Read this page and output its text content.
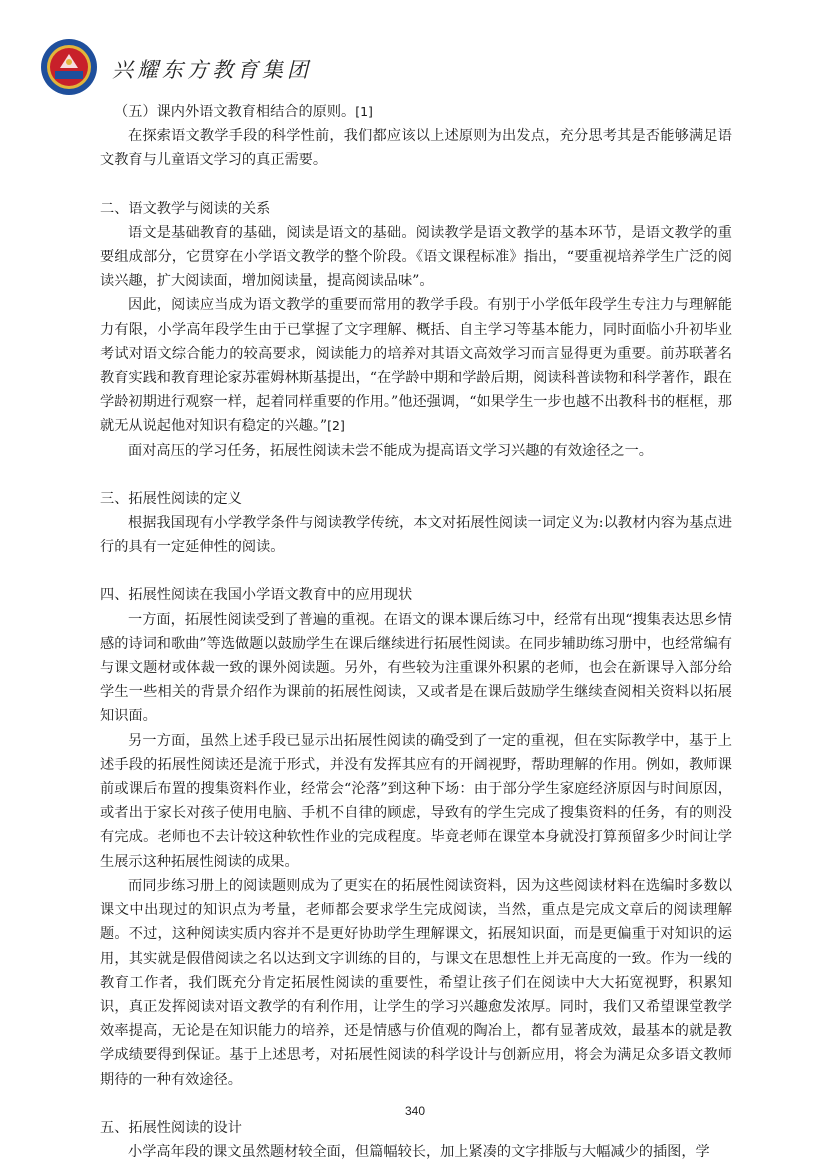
兴耀东方教育集团

（五）课内外语文教育相结合的原则。[1]

在探索语文教学手段的科学性前，我们都应该以上述原则为出发点，充分思考其是否能够满足语文教育与儿童语文学习的真正需要。

二、语文教学与阅读的关系

语文是基础教育的基础，阅读是语文的基础。阅读教学是语文教学的基本环节，是语文教学的重要组成部分，它贯穿在小学语文教学的整个阶段。《语文课程标准》指出，“要重视培养学生广泛的阅读兴趣，扩大阅读面，增加阅读量，提高阅读品味”。

因此，阅读应当成为语文教学的重要而常用的教学手段。有别于小学低年段学生专注力与理解能力有限，小学高年段学生由于已掌握了文字理解、概括、自主学习等基本能力，同时面临小升初毕业考试对语文综合能力的较高要求，阅读能力的培养对其语文高效学习而言显得更为重要。前苏联著名教育实践和教育理论家苏霍姆林斯基提出，“在学龄中期和学龄后期，阅读科普读物和科学著作，跟在学龄初期进行观察一样，起着同样重要的作用。”他还强调，“如果学生一步也越不出教科书的框框，那就无从说起他对知识有稳定的兴趣。”[2]

面对高压的学习任务，拓展性阅读未尝不能成为提高语文学习兴趣的有效途径之一。

三、拓展性阅读的定义

根据我国现有小学教学条件与阅读教学传统，本文对拓展性阅读一词定义为:以教材内容为基点进行的具有一定延伸性的阅读。

四、拓展性阅读在我国小学语文教育中的应用现状

一方面，拓展性阅读受到了普遍的重视。在语文的课本课后练习中，经常有出现“搜集表达思乡情感的诗词和歌曲”等选做题以鼓励学生在课后继续进行拓展性阅读。在同步辅助练习册中，也经常编有与课文题材或体裁一致的课外阅读题。另外，有些较为注重课外积累的老师，也会在新课导入部分给学生一些相关的背景介绍作为课前的拓展性阅读，又或者是在课后鼓励学生继续查阅相关资料以拓展知识面。

另一方面，虽然上述手段已显示出拓展性阅读的确受到了一定的重视，但在实际教学中，基于上述手段的拓展性阅读还是流于形式，并没有发挥其应有的开阔视野，帮助理解的作用。例如，教师课前或课后布置的搜集资料作业，经常会“沦落”到这种下场：由于部分学生家庭经济原因与时间原因，或者出于家长对孩子使用电脑、手机不自律的顾虑，导致有的学生完成了搜集资料的任务，有的则没有完成。老师也不去计较这种软性作业的完成程度。毕竟老师在课堂本身就没打算预留多少时间让学生展示这种拓展性阅读的成果。

而同步练习册上的阅读题则成为了更实在的拓展性阅读资料，因为这些阅读材料在选编时多数以课文中出现过的知识点为考量，老师都会要求学生完成阅读，当然，重点是完成文章后的阅读理解题。不过，这种阅读实质内容并不是更好协助学生理解课文，拓展知识面，而是更偏重于对知识的运用，其实就是假借阅读之名以达到文字训练的目的，与课文在思想性上并无高度的一致。作为一线的教育工作者，我们既充分肯定拓展性阅读的重要性，希望让孩子们在阅读中大大拓宽视野，积累知识，真正发挥阅读对语文教学的有利作用，让学生的学习兴趣愈发浓厚。同时，我们又希望课堂教学效率提高，无论是在知识能力的培养，还是情感与价值观的陶冶上，都有显著成效，最基本的就是教学成绩要得到保证。基于上述思考，对拓展性阅读的科学设计与创新应用，将会为满足众多语文教师期待的一种有效途径。

五、拓展性阅读的设计

小学高年段的课文虽然题材较全面，但篇幅较长，加上紧凑的文字排版与大幅减少的插图，学

340
